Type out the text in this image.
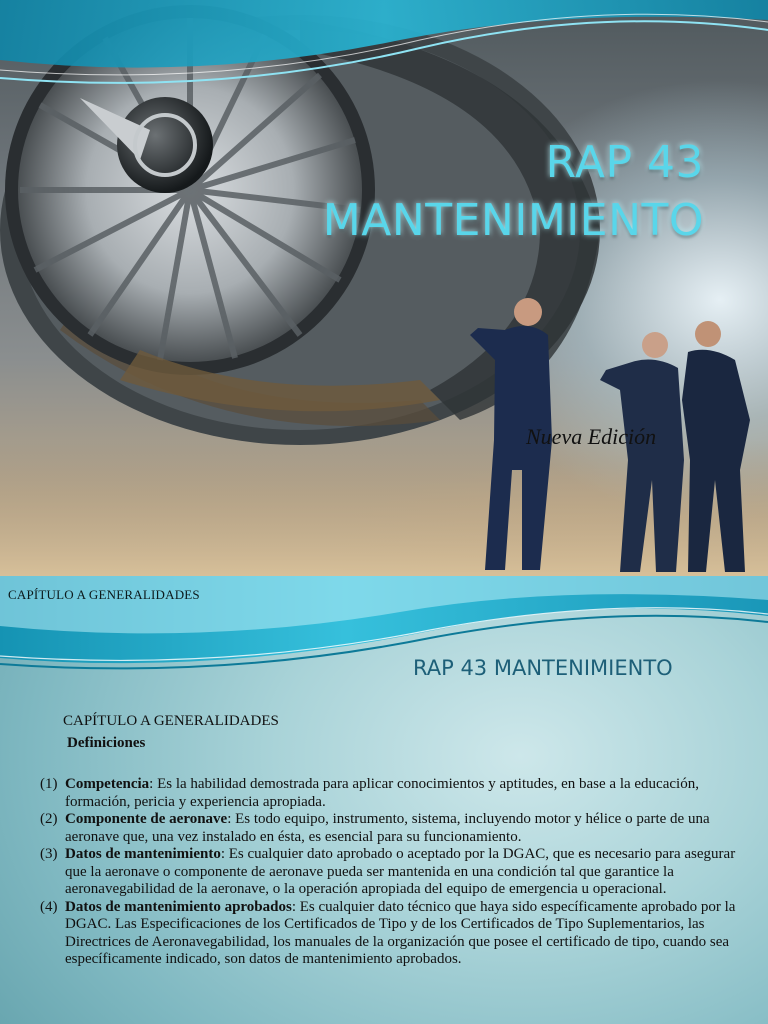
RAP 43
MANTENIMIENTO

Nueva Edición

CAPÍTULO A GENERALIDADES

RAP 43 MANTENIMIENTO

CAPÍTULO A GENERALIDADES

Definiciones

(1) Competencia: Es la habilidad demostrada para aplicar conocimientos y aptitudes, en base a la educación, formación, pericia y experiencia apropiada.
(2) Componente de aeronave: Es todo equipo, instrumento, sistema, incluyendo motor y hélice o parte de una aeronave que, una vez instalado en ésta, es esencial para su funcionamiento.
(3) Datos de mantenimiento: Es cualquier dato aprobado o aceptado por la DGAC, que es necesario para asegurar que la aeronave o componente de aeronave pueda ser mantenida en una condición tal que garantice la aeronavegabilidad de la aeronave, o la operación apropiada del equipo de emergencia u operacional.
(4) Datos de mantenimiento aprobados: Es cualquier dato técnico que haya sido específicamente aprobado por la DGAC. Las Especificaciones de los Certificados de Tipo y de los Certificados de Tipo Suplementarios, las Directrices de Aeronavegabilidad, los manuales de la organización que posee el certificado de tipo, cuando sea específicamente indicado, son datos de mantenimiento aprobados.
